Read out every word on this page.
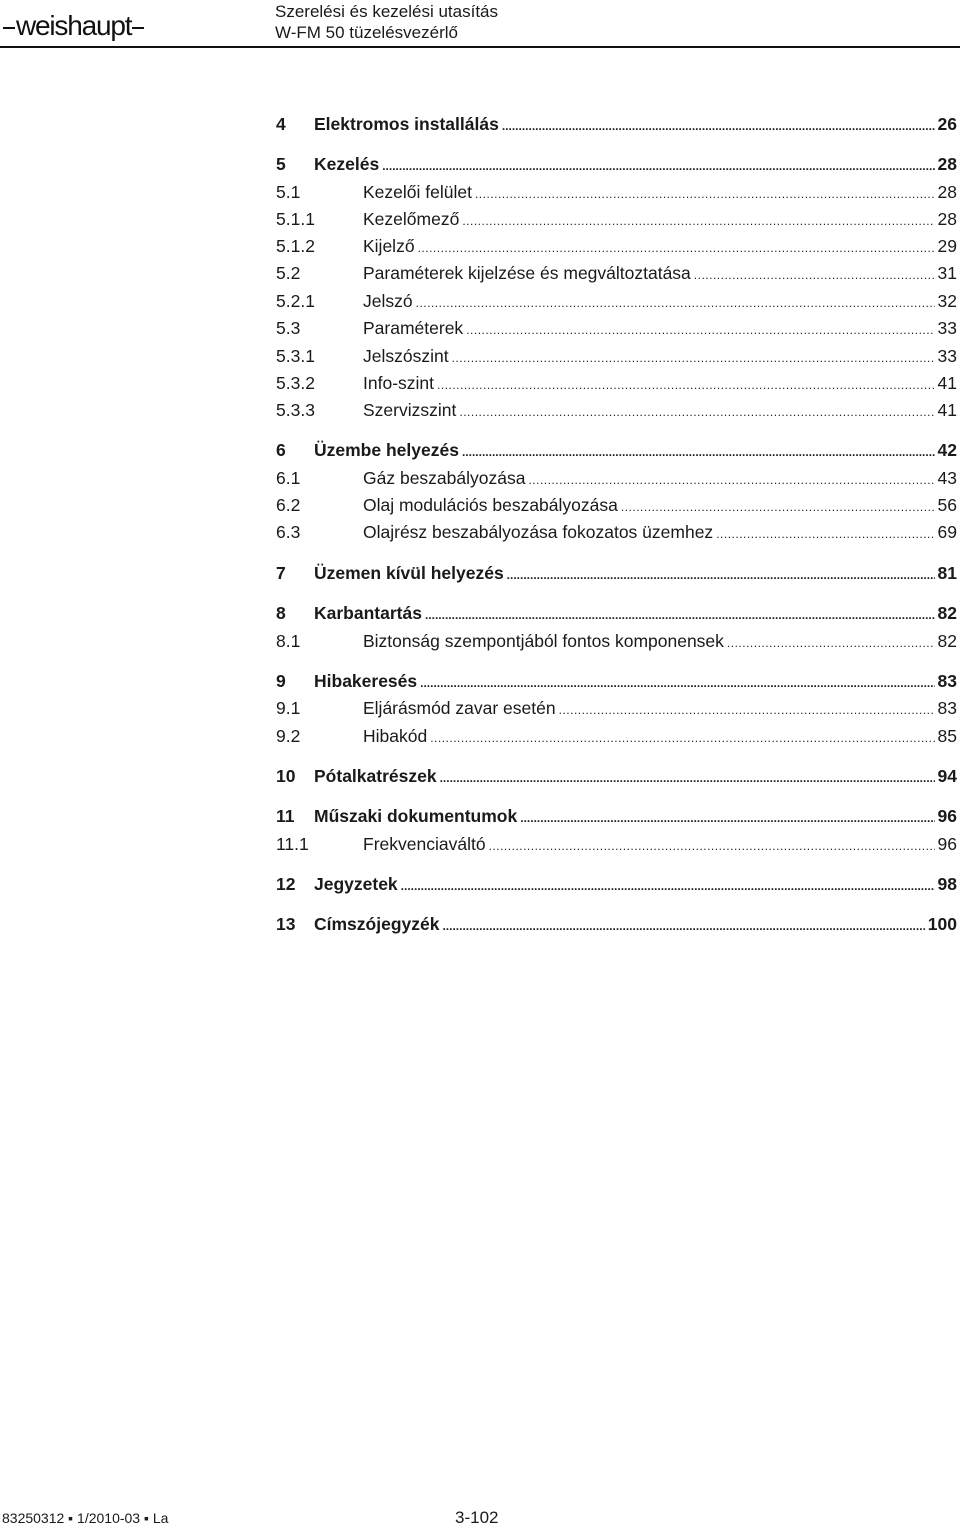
weishaupt	Szerelési és kezelési utasítás
W-FM 50 tüzelésvezérlő
4 Elektromos installálás .....	26
5 Kezelés .....	28
5.1	Kezelői felület .....	28
5.1.1	Kezelőmező .....	28
5.1.2	Kijelző .....	29
5.2	Paraméterek kijelzése és megváltoztatása .....	31
5.2.1	Jelszó .....	32
5.3	Paraméterek .....	33
5.3.1	Jelszószint .....	33
5.3.2	Info-szint .....	41
5.3.3	Szervizszint .....	41
6 Üzembe helyezés .....	42
6.1	Gáz beszabályozása .....	43
6.2	Olaj modulációs beszabályozása .....	56
6.3	Olajrész beszabályozása fokozatos üzemhez .....	69
7 Üzemen kívül helyezés .....	81
8 Karbantartás .....	82
8.1	Biztonság szempontjából fontos komponensek .....	82
9 Hibakeresés .....	83
9.1	Eljárásmód zavar esetén .....	83
9.2	Hibakód .....	85
10 Pótalkatrészek .....	94
11 Műszaki dokumentumok .....	96
11.1	Frekvenciaváltó .....	96
12 Jegyzetek .....	98
13 Címszójegyzék .....	100
83250312 ▪ 1/2010-03 ▪ La	3-102
